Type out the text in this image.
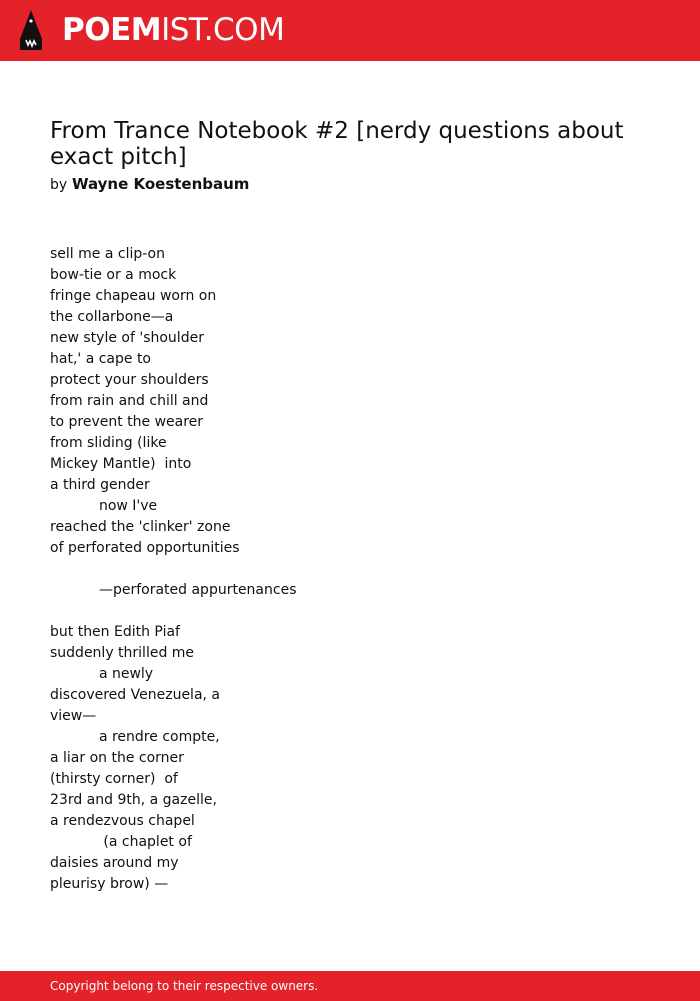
POEMIST.COM
From Trance Notebook #2 [nerdy questions about exact pitch]
by Wayne Koestenbaum
sell me a clip-on
bow-tie or a mock
fringe chapeau worn on
the collarbone—a
new style of 'shoulder
hat,' a cape to
protect your shoulders
from rain and chill and
to prevent the wearer
from sliding (like
Mickey Mantle)  into
a third gender
now I've
reached the 'clinker' zone
of perforated opportunities
—perforated appurtenances
but then Edith Piaf
suddenly thrilled me
a newly
discovered Venezuela, a
view—
a rendre compte,
a liar on the corner
(thirsty corner)  of
23rd and 9th, a gazelle,
a rendezvous chapel
(a chaplet of
daisies around my
pleurisy brow) —
Copyright belong to their respective owners.
